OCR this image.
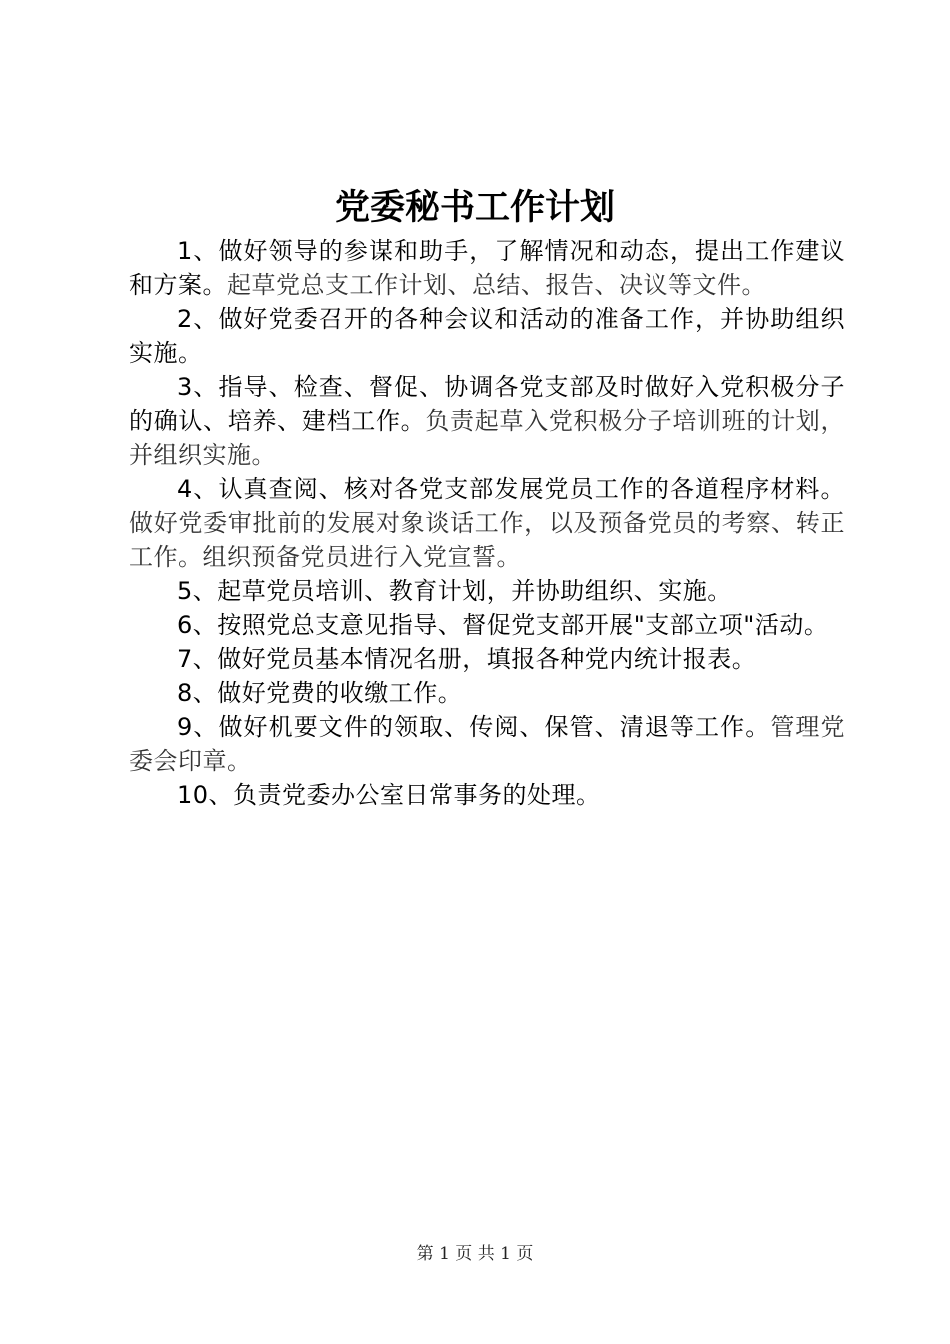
党委秘书工作计划

1、做好领导的参谋和助手，了解情况和动态，提出工作建议和方案。起草党总支工作计划、总结、报告、决议等文件。

2、做好党委召开的各种会议和活动的准备工作，并协助组织实施。

3、指导、检查、督促、协调各党支部及时做好入党积极分子的确认、培养、建档工作。负责起草入党积极分子培训班的计划，并组织实施。

4、认真查阅、核对各党支部发展党员工作的各道程序材料。做好党委审批前的发展对象谈话工作，以及预备党员的考察、转正工作。组织预备党员进行入党宣誓。

5、起草党员培训、教育计划，并协助组织、实施。

6、按照党总支意见指导、督促党支部开展"支部立项"活动。

7、做好党员基本情况名册，填报各种党内统计报表。

8、做好党费的收缴工作。

9、做好机要文件的领取、传阅、保管、清退等工作。管理党委会印章。

10、负责党委办公室日常事务的处理。

第 1 页 共 1 页
